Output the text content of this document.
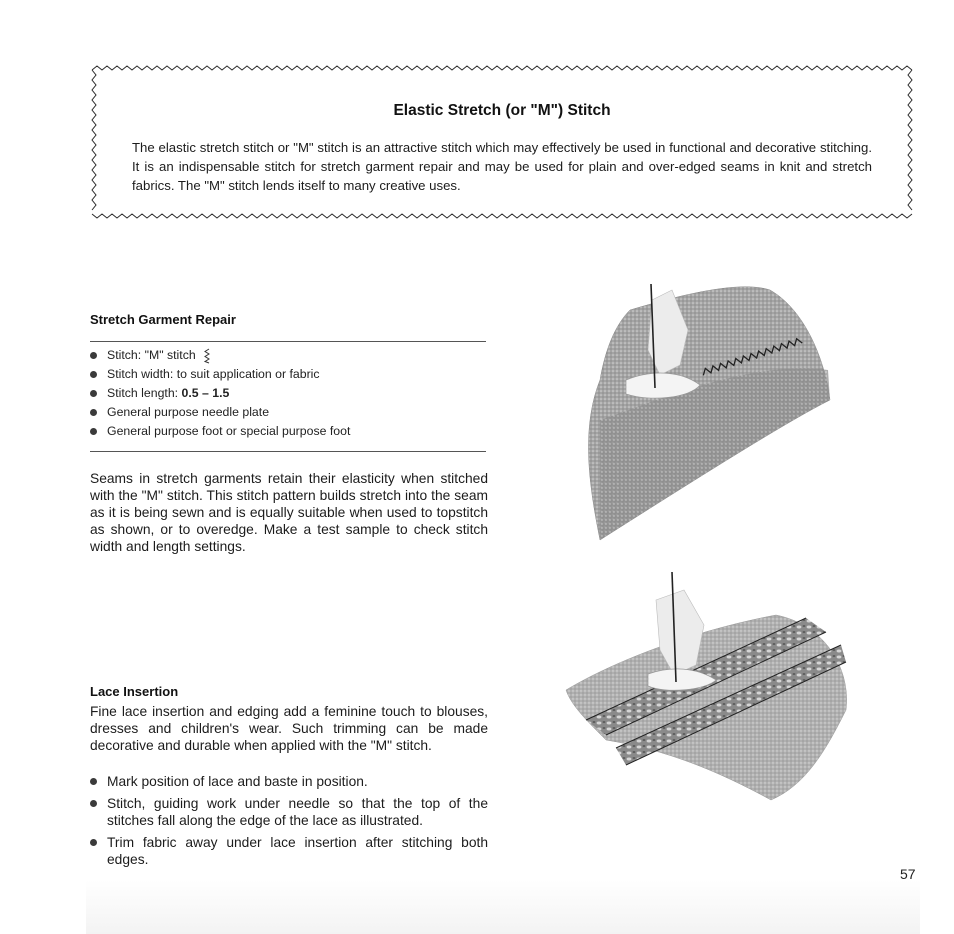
Elastic Stretch (or "M") Stitch
The elastic stretch stitch or "M" stitch is an attractive stitch which may effectively be used in functional and decorative stitching. It is an indispensable stitch for stretch garment repair and may be used for plain and over-edged seams in knit and stretch fabrics. The "M" stitch lends itself to many creative uses.
Stretch Garment Repair
Stitch: "M" stitch
Stitch width: to suit application or fabric
Stitch length: 0.5 – 1.5
General purpose needle plate
General purpose foot or special purpose foot
Seams in stretch garments retain their elasticity when stitched with the "M" stitch. This stitch pattern builds stretch into the seam as it is being sewn and is equally suitable when used to topstitch as shown, or to overedge. Make a test sample to check stitch width and length settings.
Lace Insertion
Fine lace insertion and edging add a feminine touch to blouses, dresses and children's wear. Such trimming can be made decorative and durable when applied with the "M" stitch.
Mark position of lace and baste in position.
Stitch, guiding work under needle so that the top of the stitches fall along the edge of the lace as illustrated.
Trim fabric away under lace insertion after stitching both edges.
57
